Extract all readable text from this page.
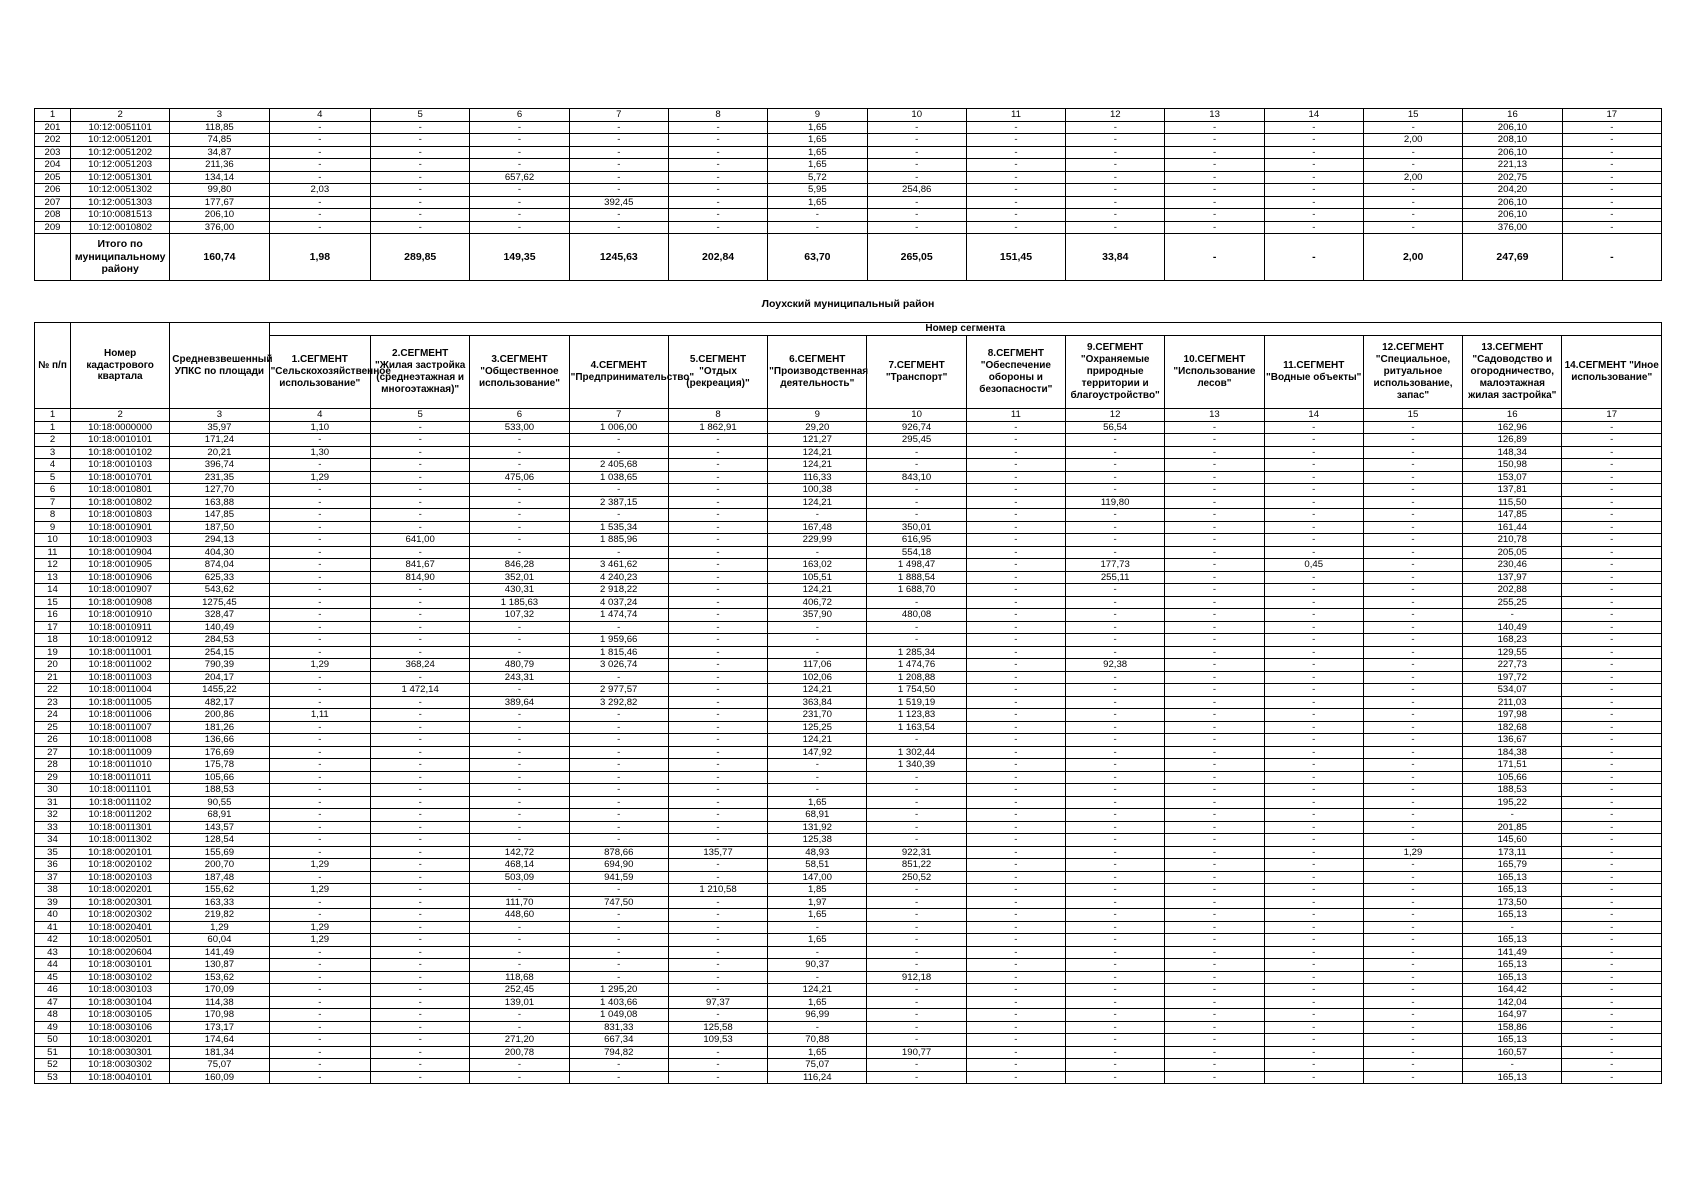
1	2	3	4	5	6	7	8	9	10	11	12	13	14	15	16	17
201	10:12:0051101	118,85	-	-	-	-	-	1,65	-	-	-	-	-	-	206,10	-
202	10:12:0051201	74,85	-	-	-	-	-	1,65	-	-	-	-	-	2,00	208,10	-
203	10:12:0051202	34,87	-	-	-	-	-	1,65	-	-	-	-	-	-	206,10	-
204	10:12:0051203	211,36	-	-	-	-	-	1,65	-	-	-	-	-	-	221,13	-
205	10:12:0051301	134,14	-	-	657,62	-	-	5,72	-	-	-	-	-	2,00	202,75	-
206	10:12:0051302	99,80	2,03	-	-	-	-	5,95	254,86	-	-	-	-	-	204,20	-
207	10:12:0051303	177,67	-	-	-	392,45	-	1,65	-	-	-	-	-	-	206,10	-
208	10:10:0081513	206,10	-	-	-	-	-	-	-	-	-	-	-	-	206,10	-
209	10:12:0010802	376,00	-	-	-	-	-	-	-	-	-	-	-	-	376,00	-
	Итого по муниципальному району	160,74	1,98	289,85	149,35	1245,63	202,84	63,70	265,05	151,45	33,84	-	-	2,00	247,69	-
Лоухский муниципальный район
№ п/п	Номер кадастрового квартала	Средневзвешенный УПКС по площади	Номер сегмента													
			1.СЕГМЕНТ "Сельскохозяйственное использование"	2.СЕГМЕНТ "Жилая застройка (среднеэтажная и многоэтажная)"	3.СЕГМЕНТ "Общественное использование"	4.СЕГМЕНТ "Предпринимательство"	5.СЕГМЕНТ "Отдых (рекреация)"	6.СЕГМЕНТ "Производственная деятельность"	7.СЕГМЕНТ "Транспорт"	8.СЕГМЕНТ "Обеспечение обороны и безопасности"	9.СЕГМЕНТ "Охраняемые природные территории и благоустройство"	10.СЕГМЕНТ "Использование лесов"	11.СЕГМЕНТ "Водные объекты"	12.СЕГМЕНТ "Специальное, ритуальное использование, запас"	13.СЕГМЕНТ "Садоводство и огородничество, малоэтажная жилая застройка"	14.СЕГМЕНТ "Иное использование"
1	2	3	4	5	6	7	8	9	10	11	12	13	14	15	16	17
1	10:18:0000000	35,97	1,10	-	533,00	1 006,00	1 862,91	29,20	926,74	-	56,54	-	-	-	162,96	-
2	10:18:0010101	171,24	-	-	-	-	-	121,27	295,45	-	-	-	-	-	126,89	-
3	10:18:0010102	20,21	1,30	-	-	-	-	124,21	-	-	-	-	-	-	148,34	-
4	10:18:0010103	396,74	-	-	-	2 405,68	-	124,21	-	-	-	-	-	-	150,98	-
5	10:18:0010701	231,35	1,29	-	475,06	1 038,65	-	116,33	843,10	-	-	-	-	-	153,07	-
6	10:18:0010801	127,70	-	-	-	-	-	100,38	-	-	-	-	-	-	137,81	-
7	10:18:0010802	163,88	-	-	-	2 387,15	-	124,21	-	-	119,80	-	-	-	115,50	-
8	10:18:0010803	147,85	-	-	-	-	-	-	-	-	-	-	-	-	147,85	-
9	10:18:0010901	187,50	-	-	-	1 535,34	-	167,48	350,01	-	-	-	-	-	161,44	-
10	10:18:0010903	294,13	-	641,00	-	1 885,96	-	229,99	616,95	-	-	-	-	-	210,78	-
11	10:18:0010904	404,30	-	-	-	-	-	-	554,18	-	-	-	-	-	205,05	-
12	10:18:0010905	874,04	-	841,67	846,28	3 461,62	-	163,02	1 498,47	-	177,73	-	0,45	-	230,46	-
13	10:18:0010906	625,33	-	814,90	352,01	4 240,23	-	105,51	1 888,54	-	255,11	-	-	-	137,97	-
14	10:18:0010907	543,62	-	-	430,31	2 918,22	-	124,21	1 688,70	-	-	-	-	-	202,88	-
15	10:18:0010908	1275,45	-	-	1 185,63	4 037,24	-	406,72	-	-	-	-	-	-	255,25	-
16	10:18:0010910	328,47	-	-	107,32	1 474,74	-	357,90	480,08	-	-	-	-	-	-	-
17	10:18:0010911	140,49	-	-	-	-	-	-	-	-	-	-	-	-	140,49	-
18	10:18:0010912	284,53	-	-	-	1 959,66	-	-	-	-	-	-	-	-	168,23	-
19	10:18:0011001	254,15	-	-	-	1 815,46	-	-	1 285,34	-	-	-	-	-	129,55	-
20	10:18:0011002	790,39	1,29	368,24	480,79	3 026,74	-	117,06	1 474,76	-	92,38	-	-	-	227,73	-
21	10:18:0011003	204,17	-	-	243,31	-	-	102,06	1 208,88	-	-	-	-	-	197,72	-
22	10:18:0011004	1455,22	-	1 472,14	-	2 977,57	-	124,21	1 754,50	-	-	-	-	-	534,07	-
23	10:18:0011005	482,17	-	-	389,64	3 292,82	-	363,84	1 519,19	-	-	-	-	-	211,03	-
24	10:18:0011006	200,86	1,11	-	-	-	-	231,70	1 123,83	-	-	-	-	-	197,98	-
25	10:18:0011007	181,26	-	-	-	-	-	125,25	1 163,54	-	-	-	-	-	182,68	-
26	10:18:0011008	136,66	-	-	-	-	-	124,21	-	-	-	-	-	-	136,67	-
27	10:18:0011009	176,69	-	-	-	-	-	147,92	1 302,44	-	-	-	-	-	184,38	-
28	10:18:0011010	175,78	-	-	-	-	-	-	1 340,39	-	-	-	-	-	171,51	-
29	10:18:0011011	105,66	-	-	-	-	-	-	-	-	-	-	-	-	105,66	-
30	10:18:0011101	188,53	-	-	-	-	-	-	-	-	-	-	-	-	188,53	-
31	10:18:0011102	90,55	-	-	-	-	-	1,65	-	-	-	-	-	-	195,22	-
32	10:18:0011202	68,91	-	-	-	-	-	68,91	-	-	-	-	-	-	-	-
33	10:18:0011301	143,57	-	-	-	-	-	131,92	-	-	-	-	-	-	201,85	-
34	10:18:0011302	128,54	-	-	-	-	-	125,38	-	-	-	-	-	-	145,60	-
35	10:18:0020101	155,69	-	-	142,72	878,66	135,77	48,93	922,31	-	-	-	-	1,29	173,11	-
36	10:18:0020102	200,70	1,29	-	468,14	694,90	-	58,51	851,22	-	-	-	-	-	165,79	-
37	10:18:0020103	187,48	-	-	503,09	941,59	-	147,00	250,52	-	-	-	-	-	165,13	-
38	10:18:0020201	155,62	1,29	-	-	-	1 210,58	1,85	-	-	-	-	-	-	165,13	-
39	10:18:0020301	163,33	-	-	111,70	747,50	-	1,97	-	-	-	-	-	-	173,50	-
40	10:18:0020302	219,82	-	-	448,60	-	-	1,65	-	-	-	-	-	-	165,13	-
41	10:18:0020401	1,29	1,29	-	-	-	-	-	-	-	-	-	-	-	-	-
42	10:18:0020501	60,04	1,29	-	-	-	-	1,65	-	-	-	-	-	-	165,13	-
43	10:18:0020604	141,49	-	-	-	-	-	-	-	-	-	-	-	-	141,49	-
44	10:18:0030101	130,87	-	-	-	-	-	90,37	-	-	-	-	-	-	165,13	-
45	10:18:0030102	153,62	-	-	118,68	-	-	-	912,18	-	-	-	-	-	165,13	-
46	10:18:0030103	170,09	-	-	252,45	1 295,20	-	124,21	-	-	-	-	-	-	164,42	-
47	10:18:0030104	114,38	-	-	139,01	1 403,66	97,37	1,65	-	-	-	-	-	-	142,04	-
48	10:18:0030105	170,98	-	-	-	1 049,08	-	96,99	-	-	-	-	-	-	164,97	-
49	10:18:0030106	173,17	-	-	-	831,33	125,58	-	-	-	-	-	-	-	158,86	-
50	10:18:0030201	174,64	-	-	271,20	667,34	109,53	70,88	-	-	-	-	-	-	165,13	-
51	10:18:0030301	181,34	-	-	200,78	794,82	-	1,65	190,77	-	-	-	-	-	160,57	-
52	10:18:0030302	75,07	-	-	-	-	-	75,07	-	-	-	-	-	-	-	-
53	10:18:0040101	160,09	-	-	-	-	-	116,24	-	-	-	-	-	-	165,13	-
